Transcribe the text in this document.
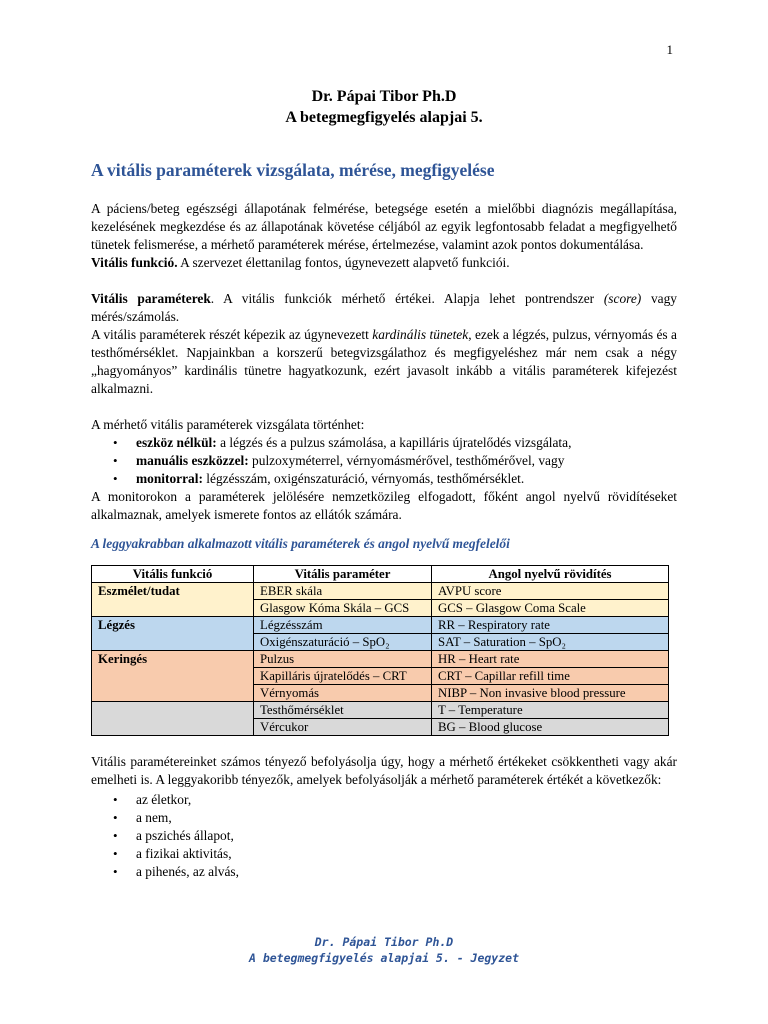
1
Dr. Pápai Tibor Ph.D
A betegmegfigyelés alapjai 5.
A vitális paraméterek vizsgálata, mérése, megfigyelése

A páciens/beteg egészségi állapotának felmérése, betegsége esetén a mielőbbi diagnózis megállapítása, kezelésének megkezdése és az állapotának követése céljából az egyik legfontosabb feladat a megfigyelhető tünetek felismerése, a mérhető paraméterek mérése, értelmezése, valamint azok pontos dokumentálása.

Vitális funkció. A szervezet élettanilag fontos, úgynevezett alapvető funkciói.

Vitális paraméterek. A vitális funkciók mérhető értékei. Alapja lehet pontrendszer (score) vagy mérés/számolás.

A vitális paraméterek részét képezik az úgynevezett kardinális tünetek, ezek a légzés, pulzus, vérnyomás és a testhőmérséklet. Napjainkban a korszerű betegvizsgálathoz és megfigyeléshez már nem csak a négy „hagyományos” kardinális tünetre hagyatkozunk, ezért javasolt inkább a vitális paraméterek kifejezést alkalmazni.

A mérhető vitális paraméterek vizsgálata történhet:

• eszköz nélkül: a légzés és a pulzus számolása, a kapilláris újratelődés vizsgálata,
• manuális eszközzel: pulzoxyméterrel, vérnyomásmérővel, testhőmérővel, vagy
• monitorral: légzésszám, oxigénszaturáció, vérnyomás, testhőmérséklet.

A monitorokon a paraméterek jelölésére nemzetközileg elfogadott, főként angol nyelvű rövidítéseket alkalmaznak, amelyek ismerete fontos az ellátók számára.

A leggyakrabban alkalmazott vitális paraméterek és angol nyelvű megfelelői
Vitális funkció	Vitális paraméter	Angol nyelvű rövidítés
Eszmélet/tudat	EBER skála	AVPU score
	Glasgow Kóma Skála – GCS	GCS – Glasgow Coma Scale
Légzés	Légzésszám	RR – Respiratory rate
	Oxigénszaturáció – SpO₂	SAT – Saturation – SpO₂
Keringés	Pulzus	HR – Heart rate
	Kapilláris újratelődés – CRT	CRT – Capillar refill time
	Vérnyomás	NIBP – Non invasive blood pressure
	Testhőmérséklet	T – Temperature
	Vércukor	BG – Blood glucose

Vitális paramétereinket számos tényező befolyásolja úgy, hogy a mérhető értékeket csökkentheti vagy akár emelheti is. A leggyakoribb tényezők, amelyek befolyásolják a mérhető paraméterek értékét a következők:

• az életkor,
• a nem,
• a pszichés állapot,
• a fizikai aktivitás,
• a pihenés, az alvás,
Dr. Pápai Tibor Ph.D
A betegmegfigyelés alapjai 5. - Jegyzet
